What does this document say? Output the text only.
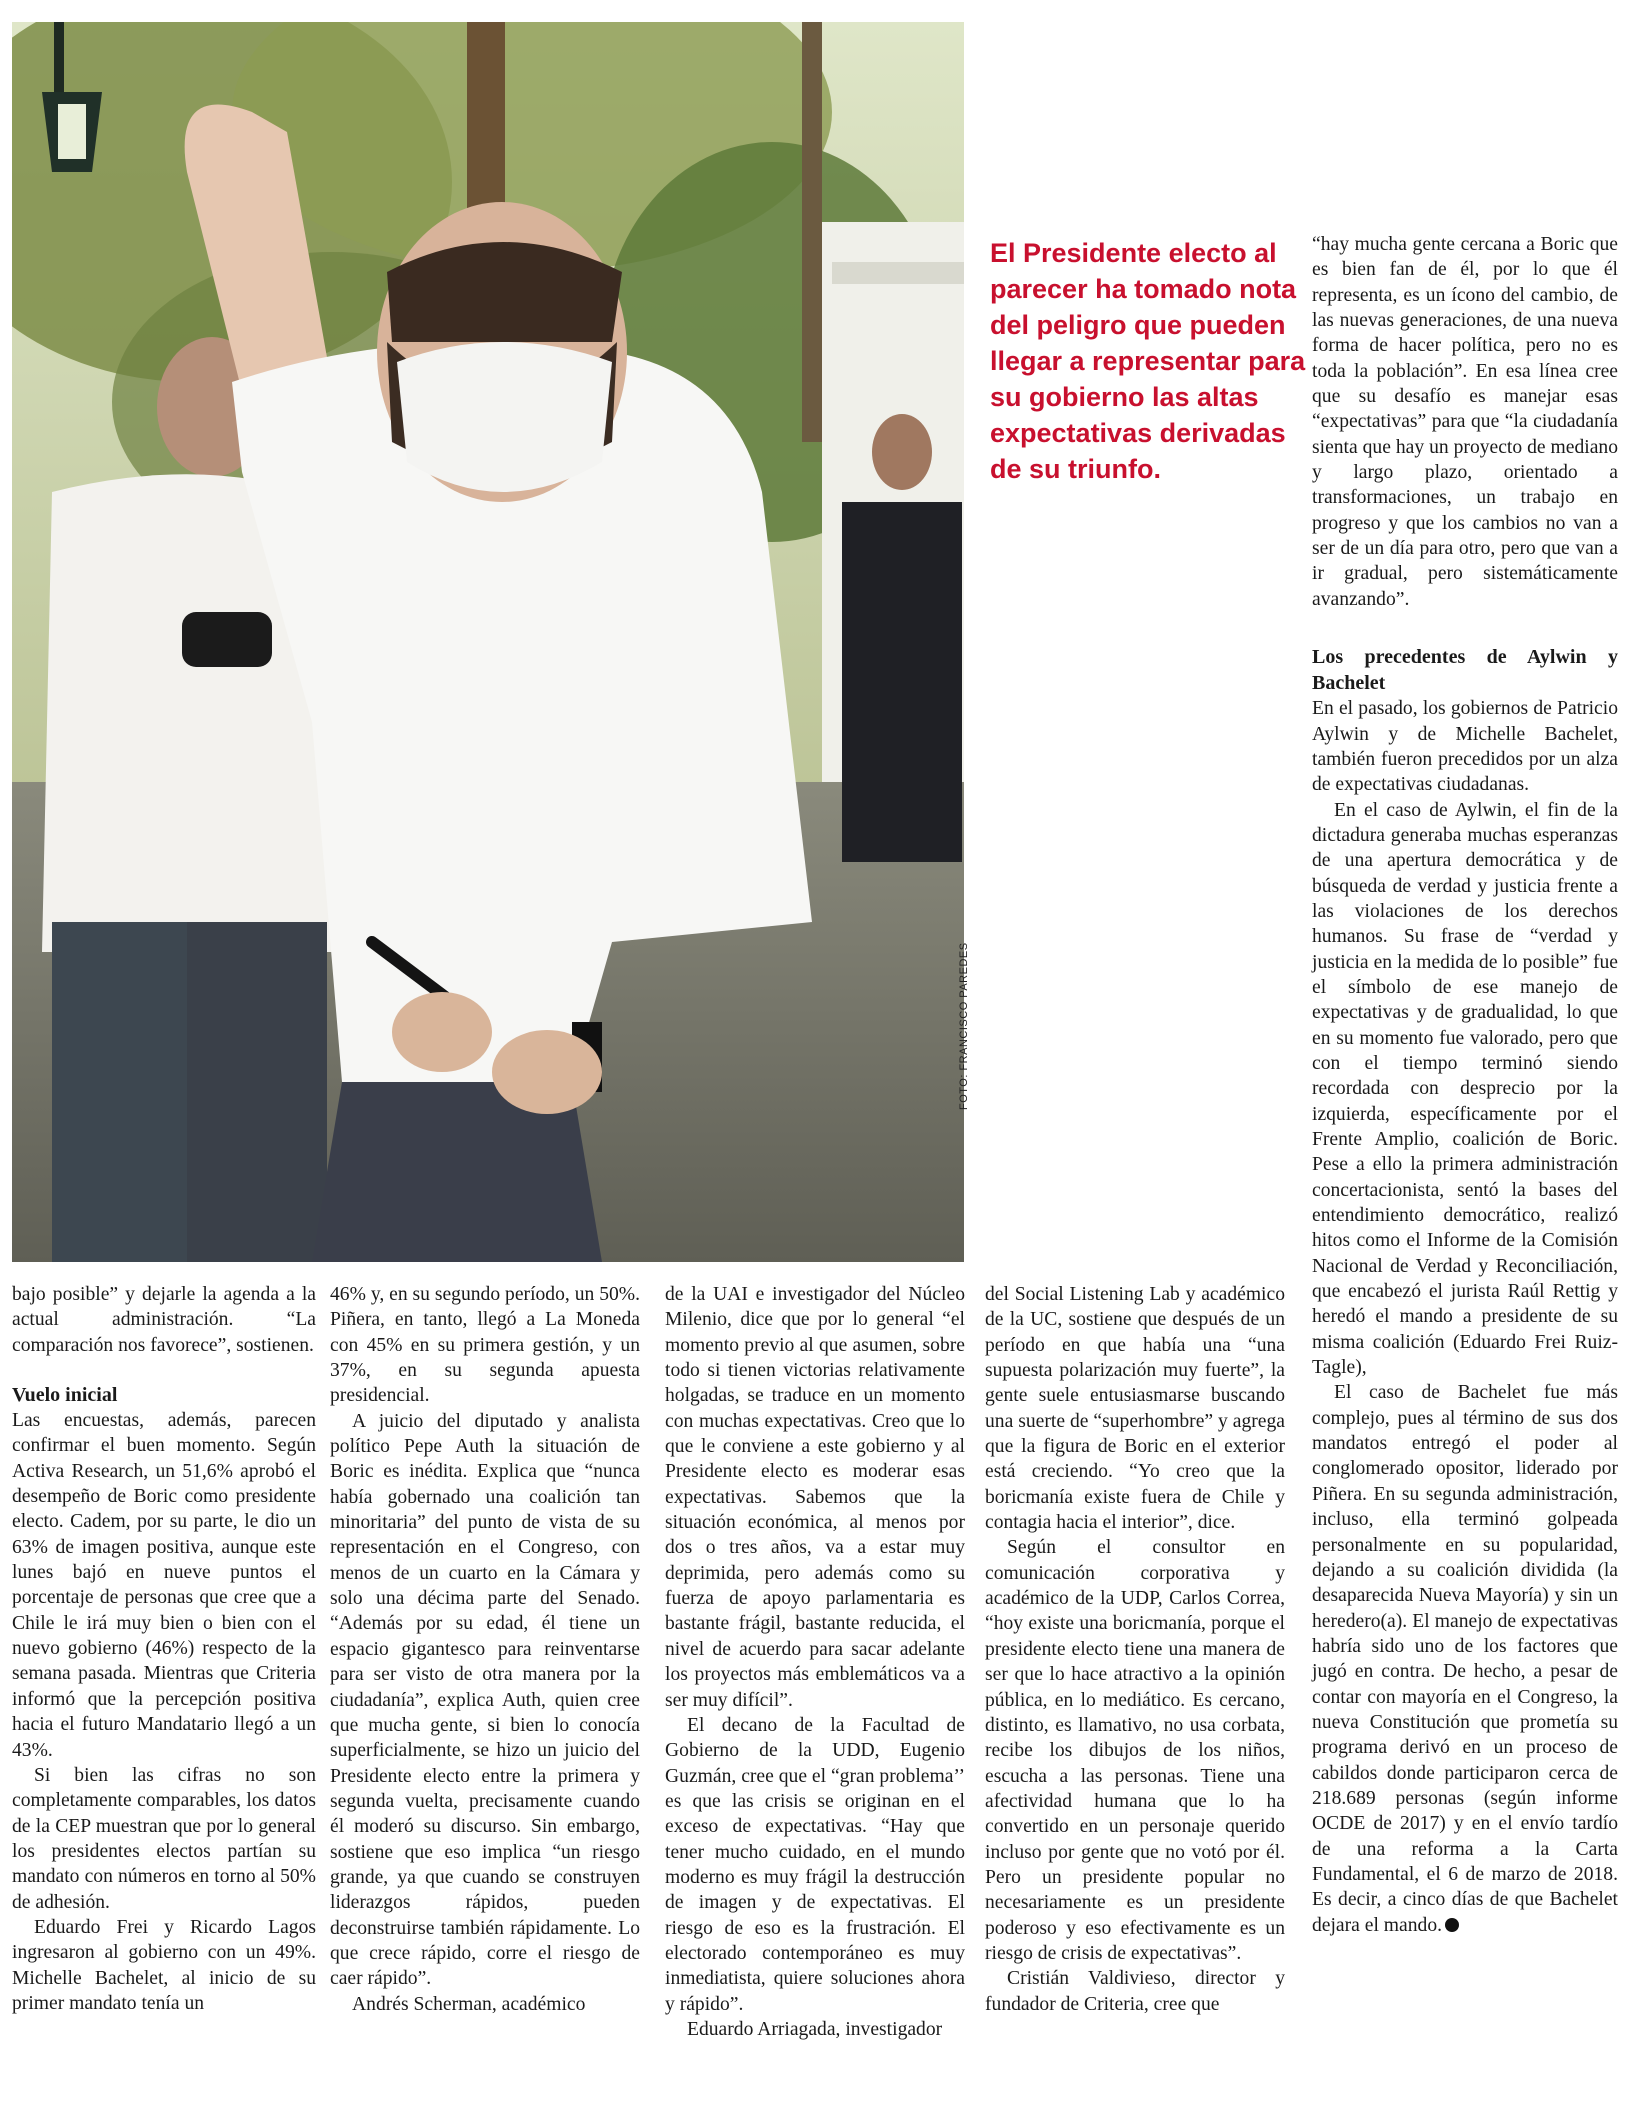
FOTO: FRANCISCO PAREDES
El Presidente electo al parecer ha tomado nota del peligro que pueden llegar a representar para su gobierno las altas expectativas derivadas de su triunfo.

bajo posible” y dejarle la agenda a la actual administración. “La comparación nos favorece”, sostienen.

Vuelo inicial

Las encuestas, además, parecen confirmar el buen momento. Según Activa Research, un 51,6% aprobó el desempeño de Boric como presidente electo. Cadem, por su parte, le dio un 63% de imagen positiva, aunque este lunes bajó en nueve puntos el porcentaje de personas que cree que a Chile le irá muy bien o bien con el nuevo gobierno (46%) respecto de la semana pasada. Mientras que Criteria informó que la percepción positiva hacia el futuro Mandatario llegó a un 43%.

Si bien las cifras no son completamente comparables, los datos de la CEP muestran que por lo general los presidentes electos partían su mandato con números en torno al 50% de adhesión.

Eduardo Frei y Ricardo Lagos ingresaron al gobierno con un 49%. Michelle Bachelet, al inicio de su primer mandato tenía un

46% y, en su segundo período, un 50%. Piñera, en tanto, llegó a La Moneda con 45% en su primera gestión, y un 37%, en su segunda apuesta presidencial.

A juicio del diputado y analista político Pepe Auth la situación de Boric es inédita. Explica que “nunca había gobernado una coalición tan minoritaria” del punto de vista de su representación en el Congreso, con menos de un cuarto en la Cámara y solo una décima parte del Senado. “Además por su edad, él tiene un espacio gigantesco para reinventarse para ser visto de otra manera por la ciudadanía”, explica Auth, quien cree que mucha gente, si bien lo conocía superficialmente, se hizo un juicio del Presidente electo entre la primera y segunda vuelta, precisamente cuando él moderó su discurso. Sin embargo, sostiene que eso implica “un riesgo grande, ya que cuando se construyen liderazgos rápidos, pueden deconstruirse también rápidamente. Lo que crece rápido, corre el riesgo de caer rápido”.

Andrés Scherman, académico

de la UAI e investigador del Núcleo Milenio, dice que por lo general “el momento previo al que asumen, sobre todo si tienen victorias relativamente holgadas, se traduce en un momento con muchas expectativas. Creo que lo que le conviene a este gobierno y al Presidente electo es moderar esas expectativas. Sabemos que la situación económica, al menos por dos o tres años, va a estar muy deprimida, pero además como su fuerza de apoyo parlamentaria es bastante frágil, bastante reducida, el nivel de acuerdo para sacar adelante los proyectos más emblemáticos va a ser muy difícil”.

El decano de la Facultad de Gobierno de la UDD, Eugenio Guzmán, cree que el “gran problema’’ es que las crisis se originan en el exceso de expectativas. “Hay que tener mucho cuidado, en el mundo moderno es muy frágil la destrucción de imagen y de expectativas. El riesgo de eso es la frustración. El electorado contemporáneo es muy inmediatista, quiere soluciones ahora y rápido”.

Eduardo Arriagada, investigador

del Social Listening Lab y académico de la UC, sostiene que después de un período en que había una “una supuesta polarización muy fuerte”, la gente suele entusiasmarse buscando una suerte de “superhombre” y agrega que la figura de Boric en el exterior está creciendo. “Yo creo que la boricmanía existe fuera de Chile y contagia hacia el interior”, dice.

Según el consultor en comunicación corporativa y académico de la UDP, Carlos Correa, “hoy existe una boricmanía, porque el presidente electo tiene una manera de ser que lo hace atractivo a la opinión pública, en lo mediático. Es cercano, distinto, es llamativo, no usa corbata, recibe los dibujos de los niños, escucha a las personas. Tiene una afectividad humana que lo ha convertido en un personaje querido incluso por gente que no votó por él. Pero un presidente popular no necesariamente es un presidente poderoso y eso efectivamente es un riesgo de crisis de expectativas”.

Cristián Valdivieso, director y fundador de Criteria, cree que

“hay mucha gente cercana a Boric que es bien fan de él, por lo que él representa, es un ícono del cambio, de las nuevas generaciones, de una nueva forma de hacer política, pero no es toda la población”. En esa línea cree que su desafío es manejar esas “expectativas” para que “la ciudadanía sienta que hay un proyecto de mediano y largo plazo, orientado a transformaciones, un trabajo en progreso y que los cambios no van a ser de un día para otro, pero que van a ir gradual, pero sistemáticamente avanzando”.

Los precedentes de Aylwin y Bachelet

En el pasado, los gobiernos de Patricio Aylwin y de Michelle Bachelet, también fueron precedidos por un alza de expectativas ciudadanas.

En el caso de Aylwin, el fin de la dictadura generaba muchas esperanzas de una apertura democrática y de búsqueda de verdad y justicia frente a las violaciones de los derechos humanos. Su frase de “verdad y justicia en la medida de lo posible” fue el símbolo de ese manejo de expectativas y de gradualidad, lo que en su momento fue valorado, pero que con el tiempo terminó siendo recordada con desprecio por la izquierda, específicamente por el Frente Amplio, coalición de Boric. Pese a ello la primera administración concertacionista, sentó la bases del entendimiento democrático, realizó hitos como el Informe de la Comisión Nacional de Verdad y Reconciliación, que encabezó el jurista Raúl Rettig y heredó el mando a presidente de su misma coalición (Eduardo Frei Ruiz-Tagle),

El caso de Bachelet fue más complejo, pues al término de sus dos mandatos entregó el poder al conglomerado opositor, liderado por Piñera. En su segunda administración, incluso, ella terminó golpeada personalmente en su popularidad, dejando a su coalición dividida (la desaparecida Nueva Mayoría) y sin un heredero(a). El manejo de expectativas habría sido uno de los factores que jugó en contra. De hecho, a pesar de contar con mayoría en el Congreso, la nueva Constitución que prometía su programa derivó en un proceso de cabildos donde participaron cerca de 218.689 personas (según informe OCDE de 2017) y en el envío tardío de una reforma a la Carta Fundamental, el 6 de marzo de 2018. Es decir, a cinco días de que Bachelet dejara el mando.
